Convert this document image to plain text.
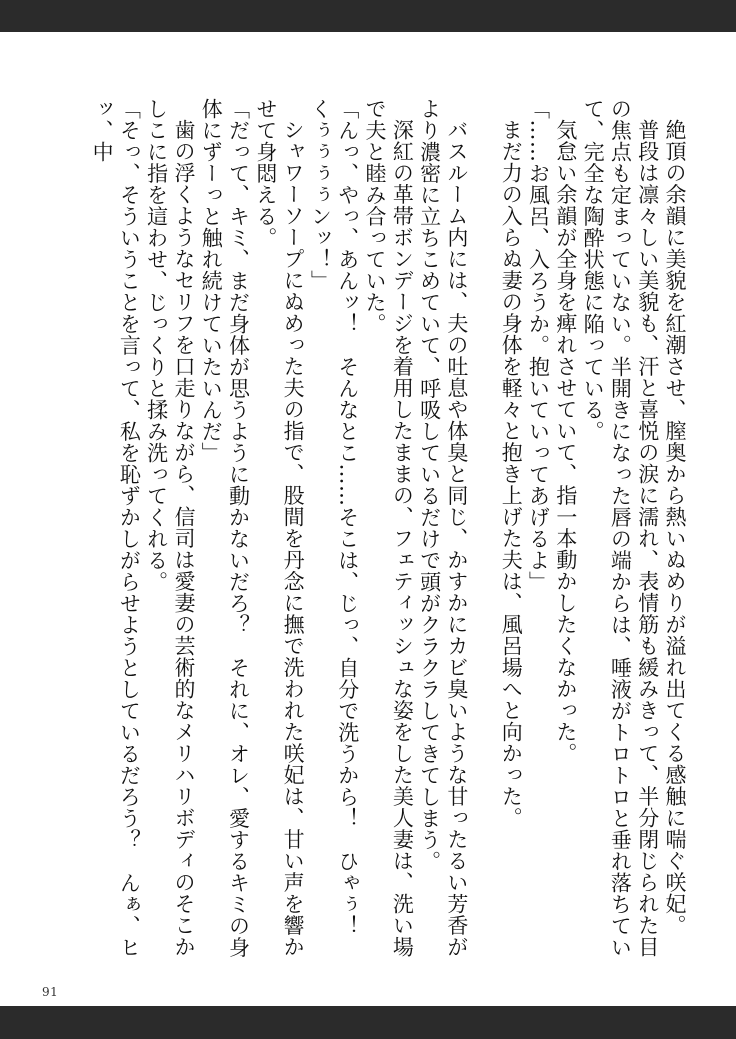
絶頂の余韻に美貌を紅潮させ、膣奥から熱いぬめりが溢れ出てくる感触に喘ぐ咲妃。

普段は凛々しい美貌も、汗と喜悦の涙に濡れ、表情筋も緩みきって、半分閉じられた目の焦点も定まっていない。半開きになった唇の端からは、唾液がトロトロと垂れ落ちていて、完全な陶酔状態に陥っている。

気怠い余韻が全身を痺れさせていて、指一本動かしたくなかった。

「……お風呂、入ろうか。抱いていってあげるよ」

まだ力の入らぬ妻の身体を軽々と抱き上げた夫は、風呂場へと向かった。

バスルーム内には、夫の吐息や体臭と同じ、かすかにカビ臭いような甘ったるい芳香がより濃密に立ちこめていて、呼吸しているだけで頭がクラクラしてきてしまう。

深紅の革帯ボンデージを着用したままの、フェティッシュな姿をした美人妻は、洗い場で夫と睦み合っていた。

「んっ、やっ、あんッ！　そんなとこ……そこは、じっ、自分で洗うから！　ひゃぅ！　くぅぅぅぅンッ！」

シャワーソープにぬめった夫の指で、股間を丹念に撫で洗われた咲妃は、甘い声を響かせて身悶える。

「だって、キミ、まだ身体が思うように動かないだろ？　それに、オレ、愛するキミの身体にずーっと触れ続けていたいんだ」

歯の浮くようなセリフを口走りながら、信司は愛妻の芸術的なメリハリボディのそこかしこに指を這わせ、じっくりと揉み洗ってくれる。

「そっ、そういうことを言って、私を恥ずかしがらせようとしているだろう？　んぁ、ヒッ、中

91
